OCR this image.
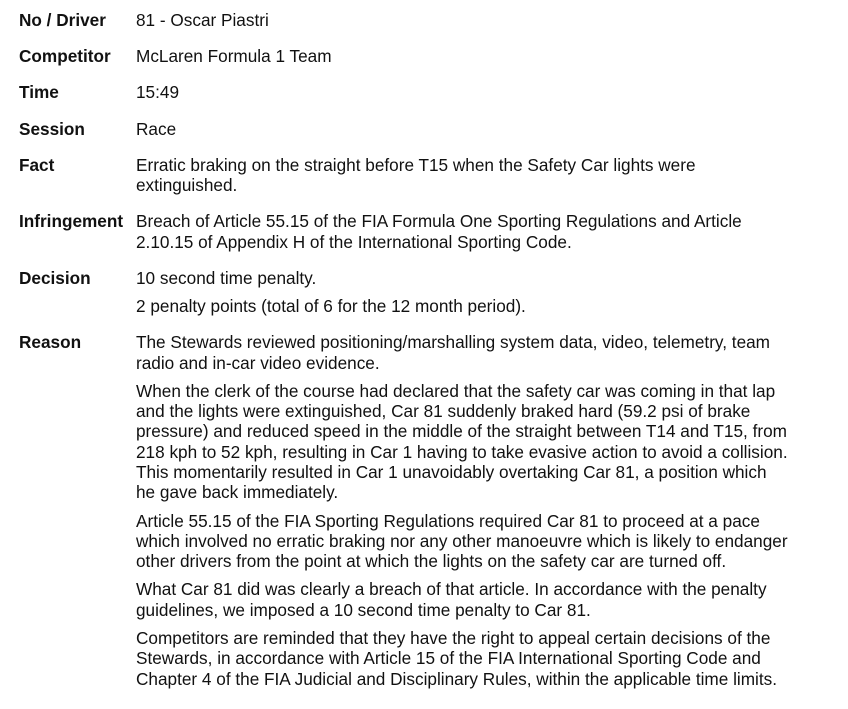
No / Driver	81 - Oscar Piastri
Competitor	McLaren Formula 1 Team
Time	15:49
Session	Race
Fact	Erratic braking on the straight before T15 when the Safety Car lights were
extinguished.
Infringement Breach of Article 55.15 of the FIA Formula One Sporting Regulations and Article
2.10.15 of Appendix H of the International Sporting Code.
Decision	10 second time penalty.
2 penalty points (total of 6 for the 12 month period).
Reason	The Stewards reviewed positioning/marshalling system data, video, telemetry, team
radio and in-car video evidence.
When the clerk of the course had declared that the safety car was coming in that lap
and the lights were extinguished, Car 81 suddenly braked hard (59.2 psi of brake
pressure) and reduced speed in the middle of the straight between T14 and T15, from
218 kph to 52 kph, resulting in Car 1 having to take evasive action to avoid a collision.
This momentarily resulted in Car 1 unavoidably overtaking Car 81, a position which
he gave back immediately.
Article 55.15 of the FIA Sporting Regulations required Car 81 to proceed at a pace
which involved no erratic braking nor any other manoeuvre which is likely to endanger
other drivers from the point at which the lights on the safety car are turned off.
What Car 81 did was clearly a breach of that article. In accordance with the penalty
guidelines, we imposed a 10 second time penalty to Car 81.
Competitors are reminded that they have the right to appeal certain decisions of the
Stewards, in accordance with Article 15 of the FIA International Sporting Code and
Chapter 4 of the FIA Judicial and Disciplinary Rules, within the applicable time limits.
